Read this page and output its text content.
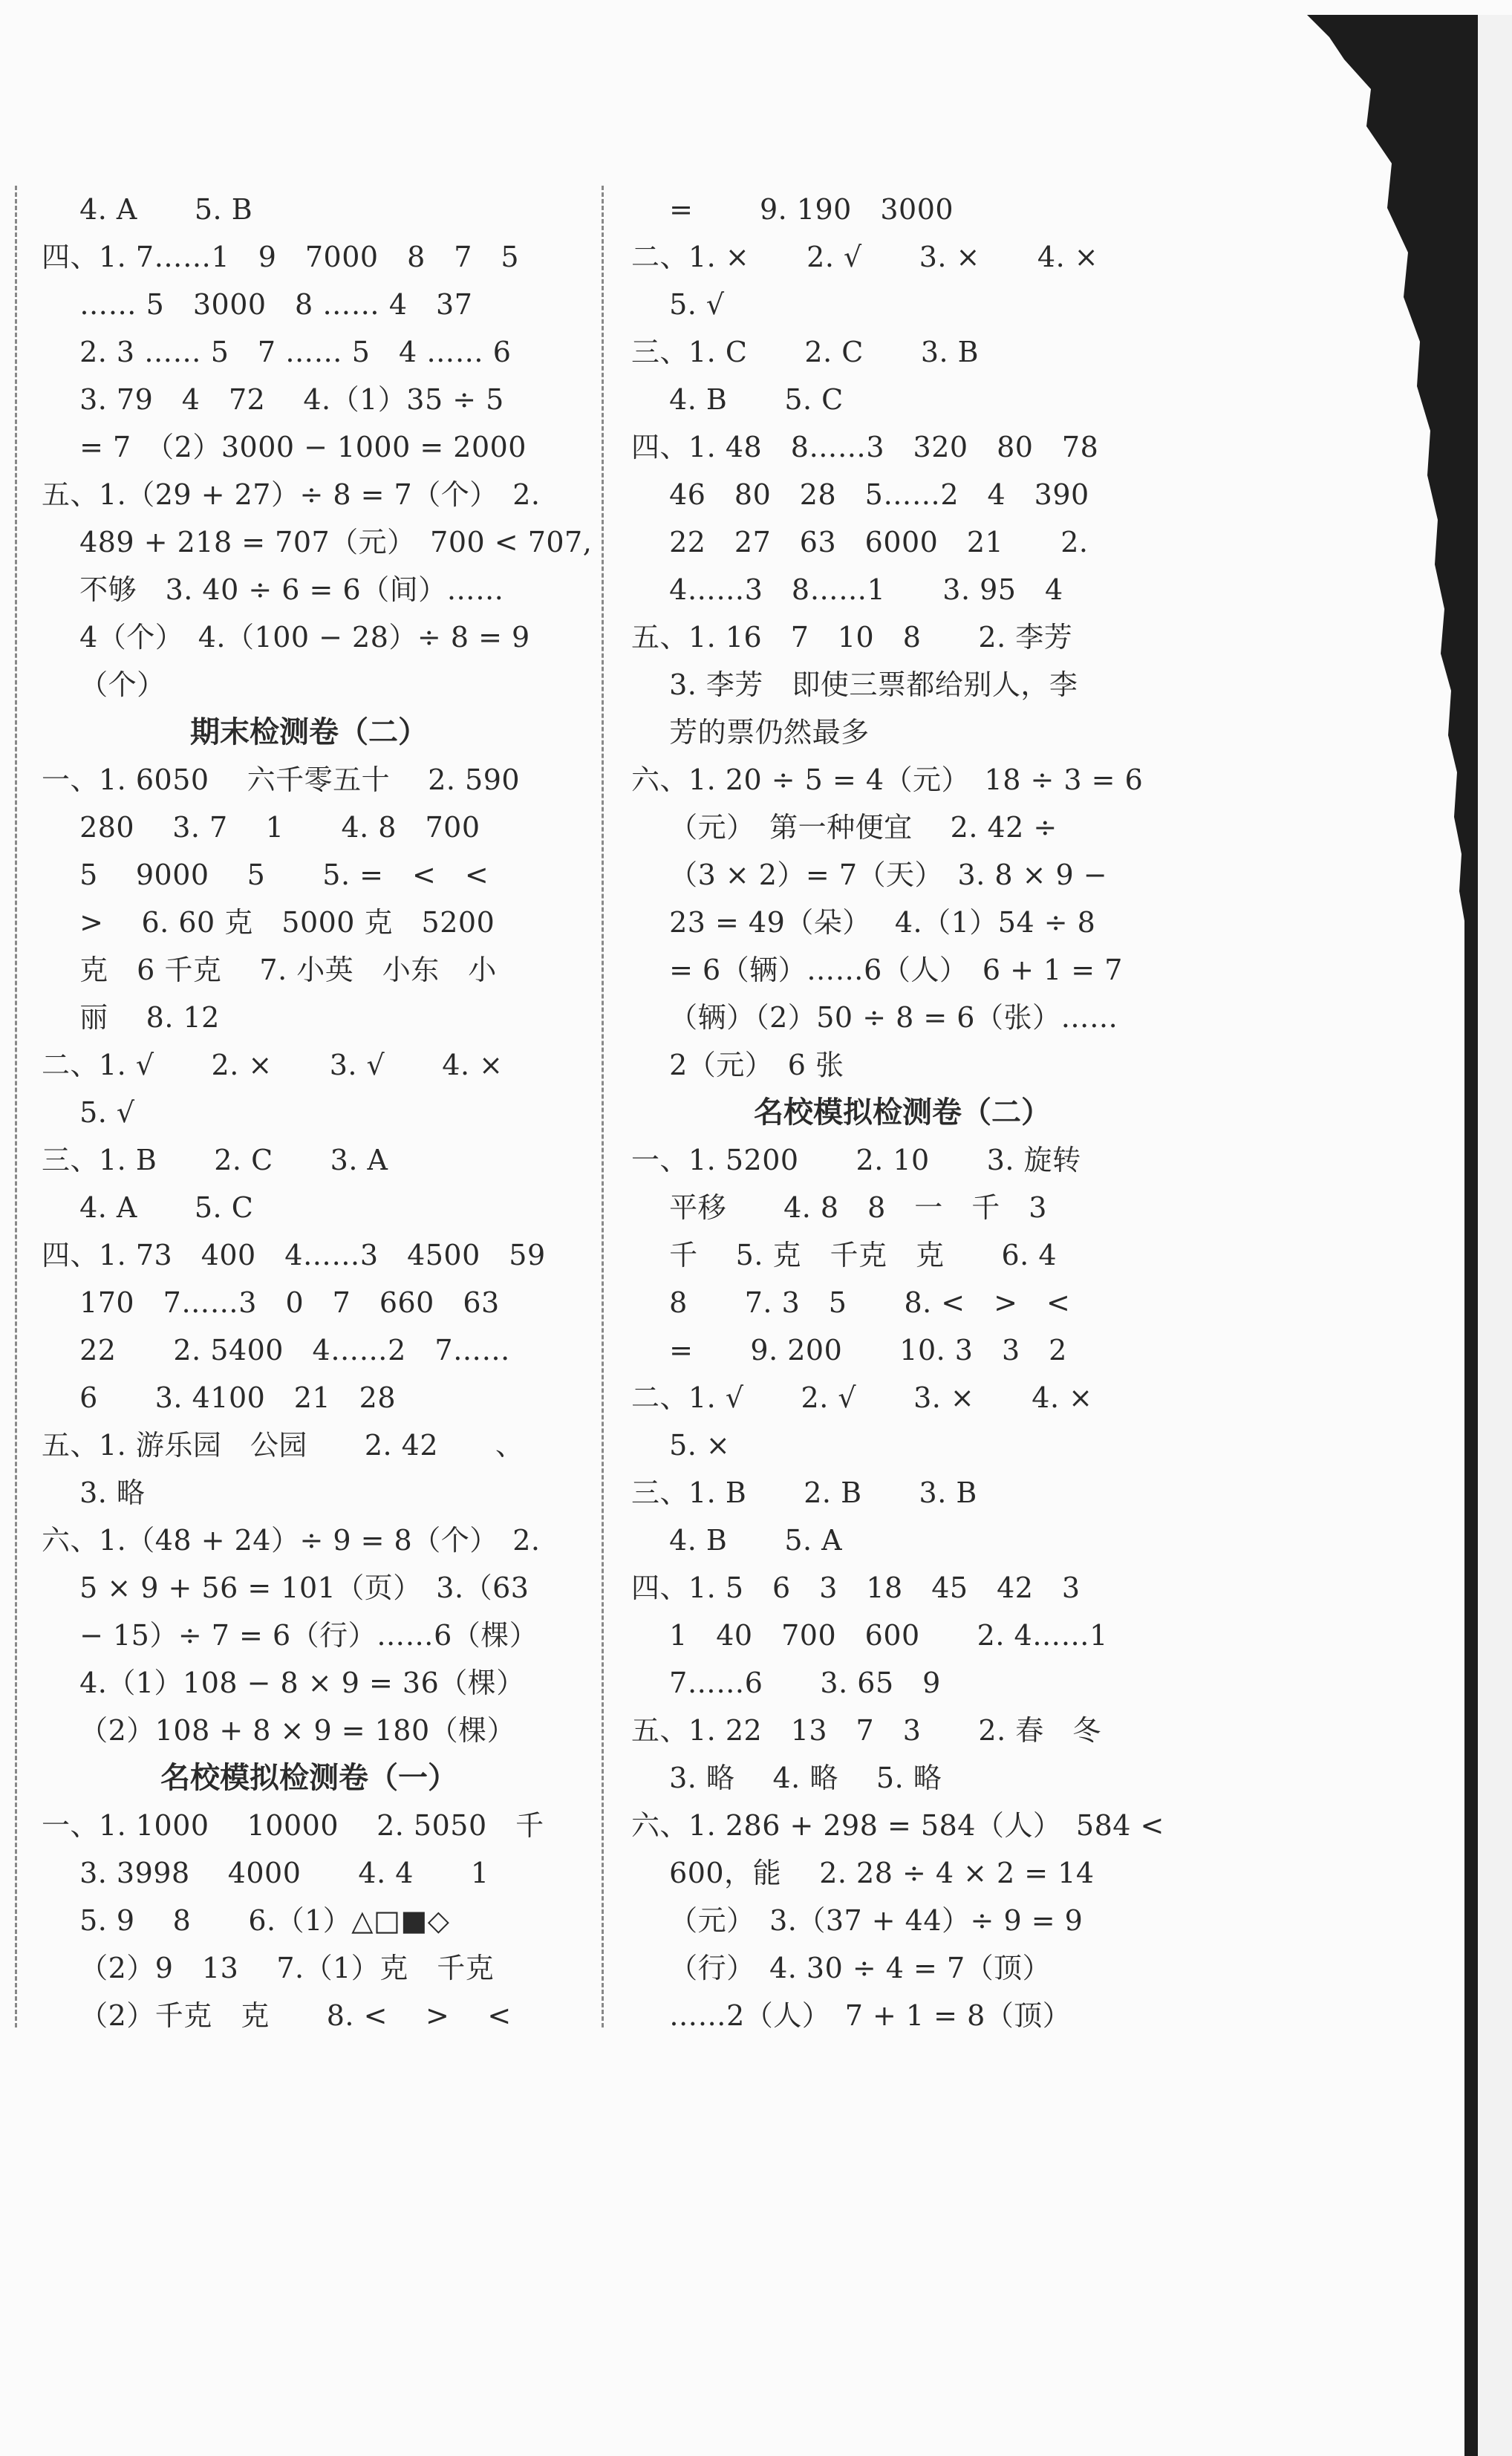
　 4. A　　5. B
四、1. 7……1　9　7000　8　7　5
　 …… 5　3000　8 …… 4　37
　 2. 3 …… 5　7 …… 5　4 …… 6
　 3. 79　4　72　 4.（1）35 ÷ 5
　 = 7　（2）3000 − 1000 = 2000
五、1.（29 + 27）÷ 8 = 7（个）　2.
　 489 + 218 = 707（元）　700 < 707,
　 不够　3. 40 ÷ 6 = 6（间）……
　 4（个）　4.（100 − 28）÷ 8 = 9
　 （个）
期末检测卷（二）
一、1. 6050　 六千零五十　 2. 590
　 280　 3. 7　 1　　4. 8　700
　 5　 9000　 5　　5. =　<　<
　 >　 6. 60 克　5000 克　5200
　 克　6 千克　 7. 小英　小东　小
　 丽　 8. 12
二、1. √　　2. ×　　3. √　　4. ×
　 5. √
三、1. B　　2. C　　3. A
　 4. A　　5. C
四、1. 73　400　4……3　4500　59
　 170　7……3　0　7　660　63
　 22　　2. 5400　4……2　7……
　 6　　3. 4100　21　28
五、1. 游乐园　公园　　2. 42　　、
　 3. 略
六、1.（48 + 24）÷ 9 = 8（个）　2.
　 5 × 9 + 56 = 101（页）　3.（63
　 − 15）÷ 7 = 6（行）……6（棵）
　 4.（1）108 − 8 × 9 = 36（棵）
　 （2）108 + 8 × 9 = 180（棵）
名校模拟检测卷（一）
一、1. 1000　 10000　 2. 5050　千
　 3. 3998　 4000　　4. 4　　1
　 5. 9　 8　　6.（1）△□■◇
　 （2）9　13　 7.（1）克　千克
　 （2）千克　克　　8. <　 >　 <
　 =　　 9. 190　3000
二、1. ×　　2. √　　3. ×　　4. ×
　 5. √
三、1. C　　2. C　　3. B
　 4. B　　5. C
四、1. 48　8……3　320　80　78
　 46　80　28　5……2　4　390
　 22　27　63　6000　21　　2.
　 4……3　8……1　　3. 95　4
五、1. 16　7　10　8　　2. 李芳
　 3. 李芳　即使三票都给别人，李
　 芳的票仍然最多
六、1. 20 ÷ 5 = 4（元）　18 ÷ 3 = 6
　 （元）　第一种便宜　 2. 42 ÷
　 （3 × 2）= 7（天）　3. 8 × 9 −
　 23 = 49（朵）　 4.（1）54 ÷ 8
　 = 6（辆）……6（人）　6 + 1 = 7
　 （辆）（2）50 ÷ 8 = 6（张）……
　 2（元）　6 张
名校模拟检测卷（二）
一、1. 5200　　2. 10　　3. 旋转
　 平移　　4. 8　8　一　千　3
　 千　 5. 克　千克　克　　6. 4
　 8　　7. 3　5　　8. <　>　<
　 =　　9. 200　　10. 3　3　2
二、1. √　　2. √　　3. ×　　4. ×
　 5. ×
三、1. B　　2. B　　3. B
　 4. B　　5. A
四、1. 5　6　3　18　45　42　3
　 1　40　700　600　　2. 4……1
　 7……6　　3. 65　9
五、1. 22　13　7　3　　2. 春　冬
　 3. 略　 4. 略　 5. 略
六、1. 286 + 298 = 584（人）　584 <
　 600，能　 2. 28 ÷ 4 × 2 = 14
　 （元）　3.（37 + 44）÷ 9 = 9
　 （行）　4. 30 ÷ 4 = 7（顶）
　 ……2（人）　7 + 1 = 8（顶）
